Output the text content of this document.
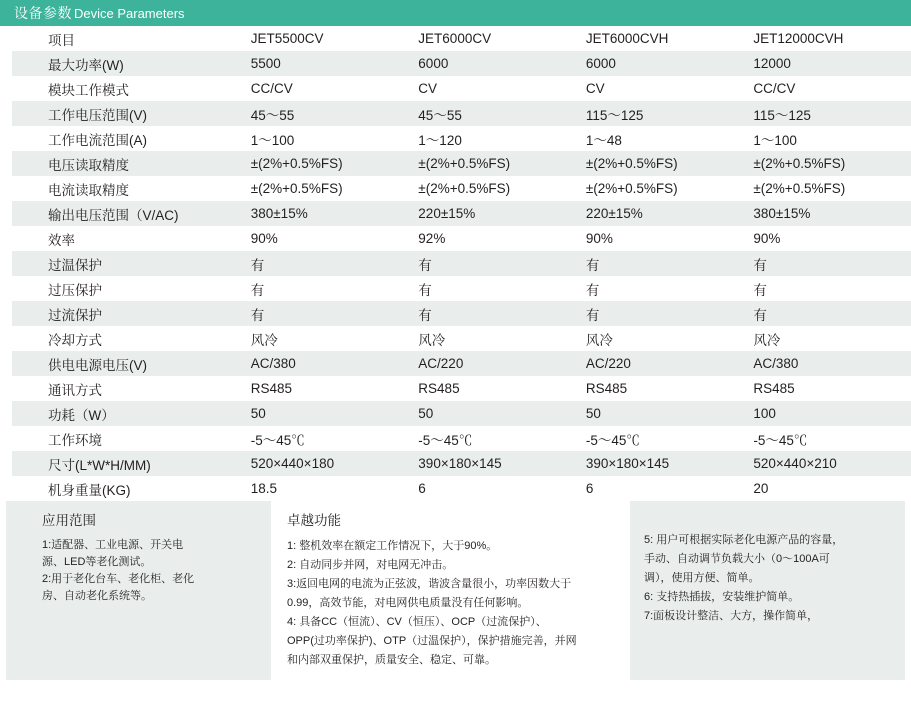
设备参数 Device Parameters
项目	JET5500CV	JET6000CV	JET6000CVH	JET12000CVH
最大功率(W)	5500	6000	6000	12000
模块工作模式	CC/CV	CV	CV	CC/CV
工作电压范围(V)	45～55	45～55	115～125	115～125
工作电流范围(A)	1～100	1～120	1～48	1～100
电压读取精度	±(2%+0.5%FS)	±(2%+0.5%FS)	±(2%+0.5%FS)	±(2%+0.5%FS)
电流读取精度	±(2%+0.5%FS)	±(2%+0.5%FS)	±(2%+0.5%FS)	±(2%+0.5%FS)
输出电压范围（V/AC)	380±15%	220±15%	220±15%	380±15%
效率	90%	92%	90%	90%
过温保护	有	有	有	有
过压保护	有	有	有	有
过流保护	有	有	有	有
冷却方式	风冷	风冷	风冷	风冷
供电电源电压(V)	AC/380	AC/220	AC/220	AC/380
通讯方式	RS485	RS485	RS485	RS485
功耗（W）	50	50	50	100
工作环境	-5～45℃	-5～45℃	-5～45℃	-5～45℃
尺寸(L*W*H/MM)	520×440×180	390×180×145	390×180×145	520×440×210
机身重量(KG)	18.5	6	6	20
应用范围
1:适配器、工业电源、开关电
源、LED等老化测试。
2:用于老化台车、老化柜、老化
房、自动老化系统等。
卓越功能
1: 整机效率在额定工作情况下，大于90%。
2: 自动同步并网，对电网无冲击。
3:返回电网的电流为正弦波，谐波含量很小，功率因数大于
0.99，高效节能，对电网供电质量没有任何影响。
4: 具备CC（恒流）、CV（恒压）、OCP（过流保护）、
OPP(过功率保护)、OTP（过温保护），保护措施完善，并网
和内部双重保护，质量安全、稳定、可靠。
5: 用户可根据实际老化电源产品的容量，
手动、自动调节负载大小（0～100A可
调），使用方便、简单。
6: 支持热插拔，安装维护简单。
7:面板设计整洁、大方，操作简单，
